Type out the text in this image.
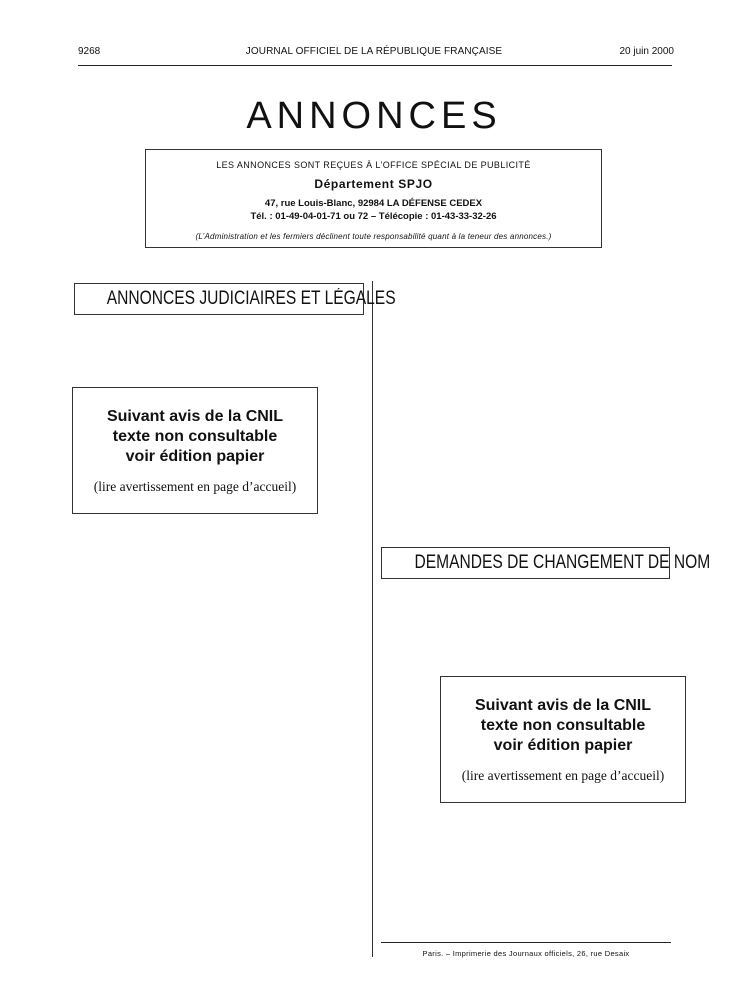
9268	JOURNAL OFFICIEL DE LA RÉPUBLIQUE FRANÇAISE	20 juin 2000
ANNONCES
LES ANNONCES SONT REÇUES À L’OFFICE SPÉCIAL DE PUBLICITÉ
Département SPJO
47, rue Louis-Blanc, 92984 LA DÉFENSE CEDEX
Tél. : 01-49-04-01-71 ou 72 – Télécopie : 01-43-33-32-26
(L’Administration et les fermiers déclinent toute responsabilité quant à la teneur des annonces.)
ANNONCES JUDICIAIRES ET LÉGALES
Suivant avis de la CNIL
texte non consultable
voir édition papier
(lire avertissement en page d’accueil)
DEMANDES DE CHANGEMENT DE NOM
Suivant avis de la CNIL
texte non consultable
voir édition papier
(lire avertissement en page d’accueil)
Paris. – Imprimerie des Journaux officiels, 26, rue Desaix
